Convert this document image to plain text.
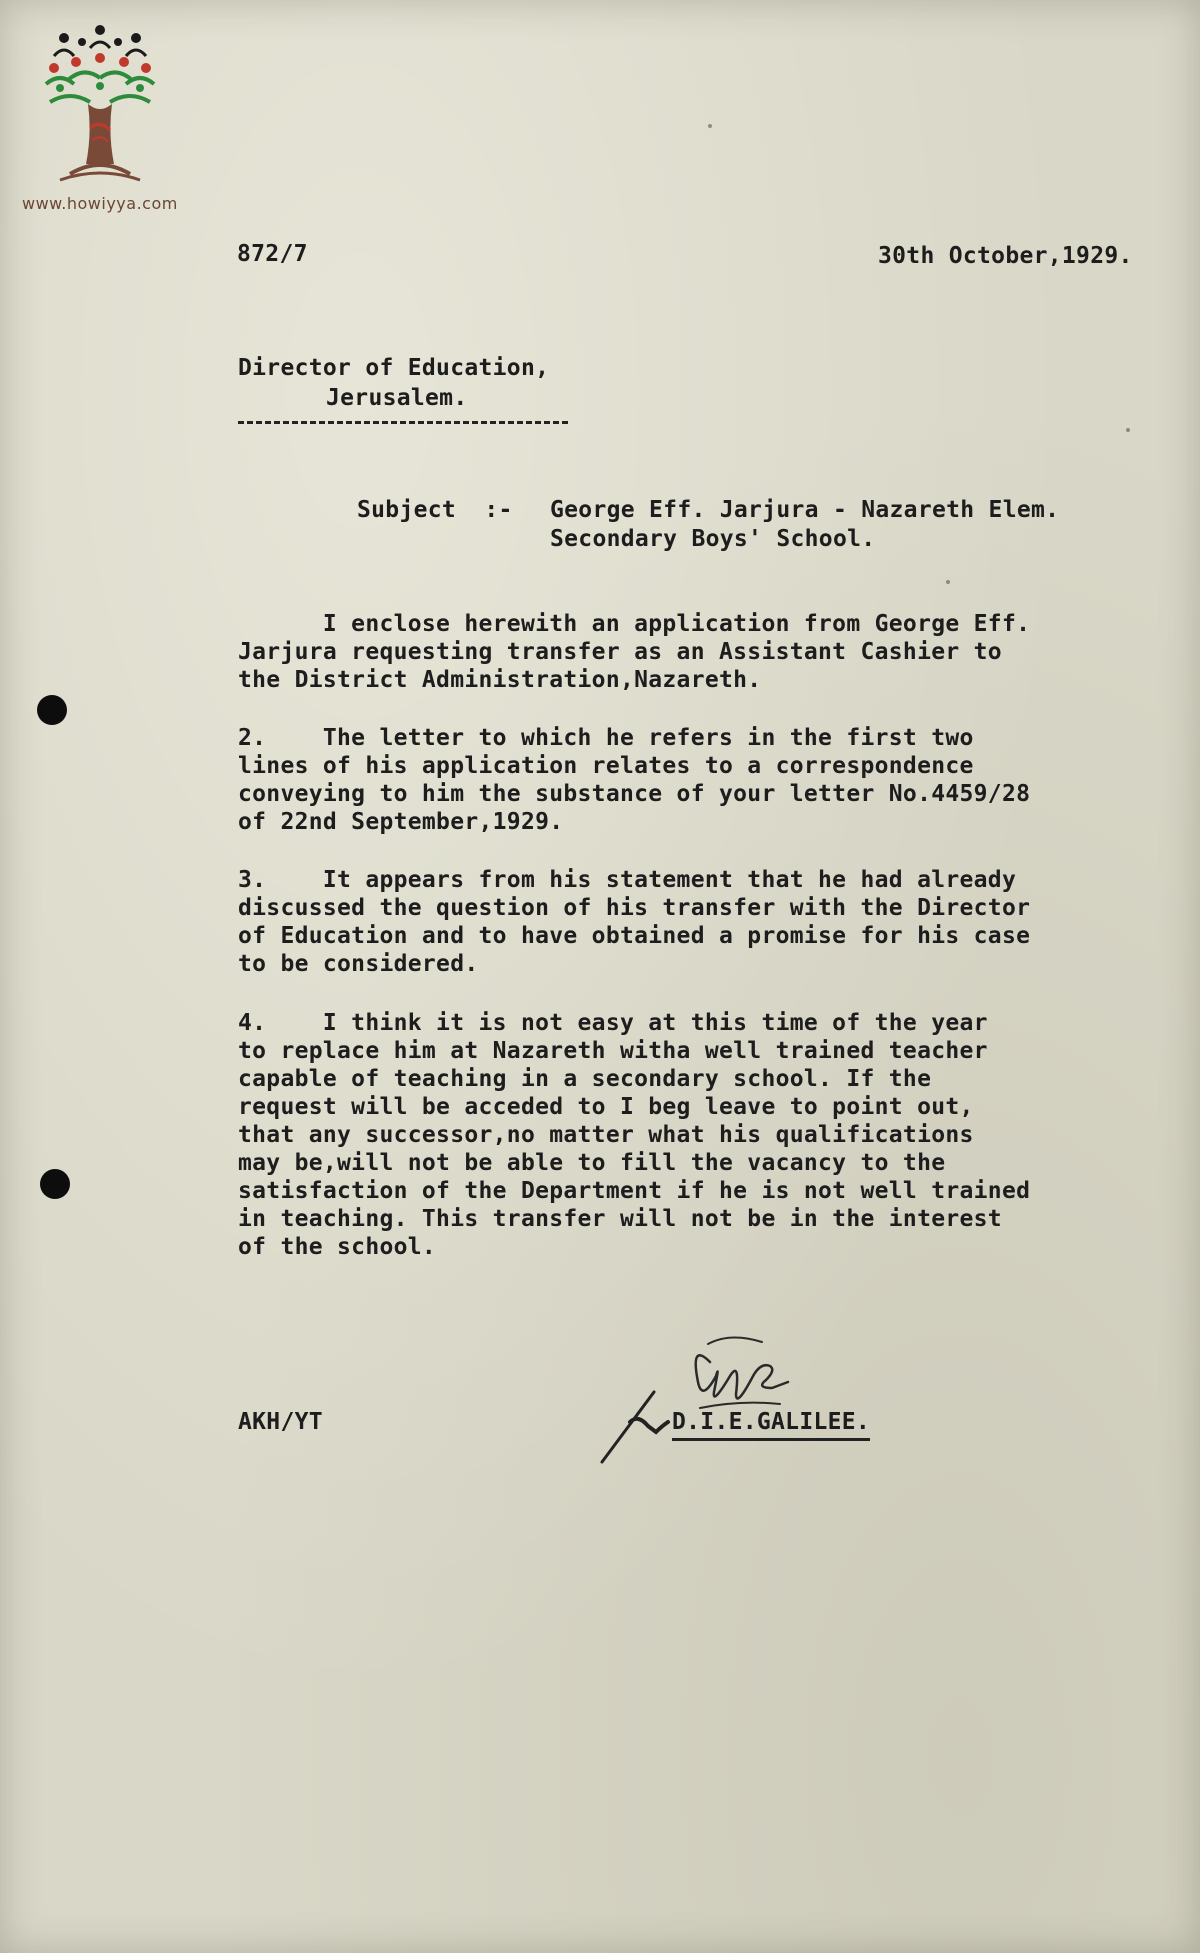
www.howiyya.com
872/7	30th October,1929.
Director of Education,
Jerusalem.
Subject  :- George Eff. Jarjura - Nazareth Elem.
Secondary Boys' School.
I enclose herewith an application from George Eff.
Jarjura requesting transfer as an Assistant Cashier to
the District Administration,Nazareth.
2.    The letter to which he refers in the first two
lines of his application relates to a correspondence
conveying to him the substance of your letter No.4459/28
of 22nd September,1929.
3.    It appears from his statement that he had already
discussed the question of his transfer with the Director
of Education and to have obtained a promise for his case
to be considered.
4.    I think it is not easy at this time of the year
to replace him at Nazareth witha well trained teacher
capable of teaching in a secondary school. If the
request will be acceded to I beg leave to point out,
that any successor,no matter what his qualifications
may be,will not be able to fill the vacancy to the
satisfaction of the Department if he is not well trained
in teaching. This transfer will not be in the interest
of the school.
AKH/YT	D.I.E.GALILEE.
